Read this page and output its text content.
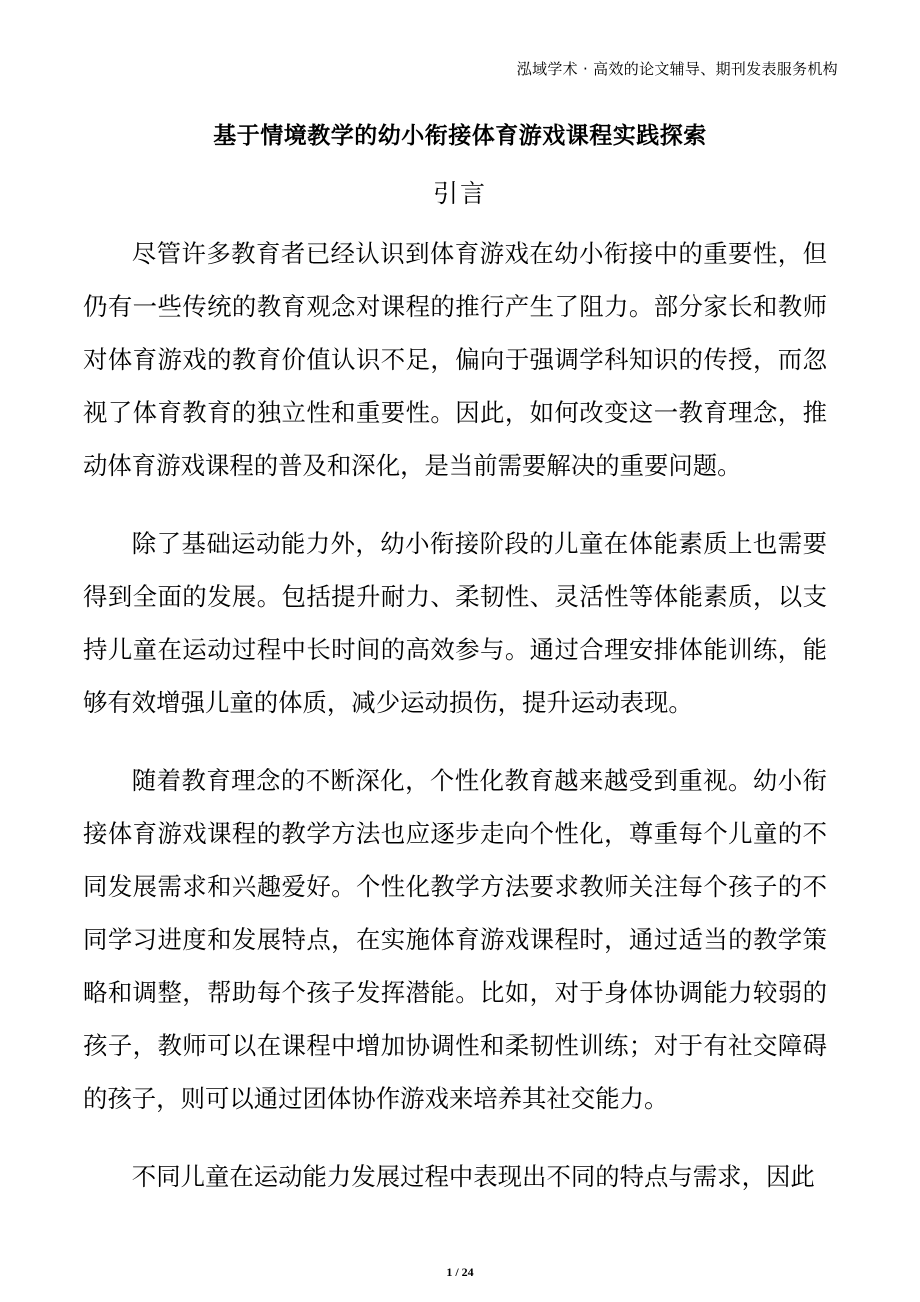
泓域学术 · 高效的论文辅导、期刊发表服务机构
基于情境教学的幼小衔接体育游戏课程实践探索
引言

尽管许多教育者已经认识到体育游戏在幼小衔接中的重要性，但仍有一些传统的教育观念对课程的推行产生了阻力。部分家长和教师对体育游戏的教育价值认识不足，偏向于强调学科知识的传授，而忽视了体育教育的独立性和重要性。因此，如何改变这一教育理念，推动体育游戏课程的普及和深化，是当前需要解决的重要问题。

除了基础运动能力外，幼小衔接阶段的儿童在体能素质上也需要得到全面的发展。包括提升耐力、柔韧性、灵活性等体能素质，以支持儿童在运动过程中长时间的高效参与。通过合理安排体能训练，能够有效增强儿童的体质，减少运动损伤，提升运动表现。

随着教育理念的不断深化，个性化教育越来越受到重视。幼小衔接体育游戏课程的教学方法也应逐步走向个性化，尊重每个儿童的不同发展需求和兴趣爱好。个性化教学方法要求教师关注每个孩子的不同学习进度和发展特点，在实施体育游戏课程时，通过适当的教学策略和调整，帮助每个孩子发挥潜能。比如，对于身体协调能力较弱的孩子，教师可以在课程中增加协调性和柔韧性训练；对于有社交障碍的孩子，则可以通过团体协作游戏来培养其社交能力。

不同儿童在运动能力发展过程中表现出不同的特点与需求，因此

1 / 24
